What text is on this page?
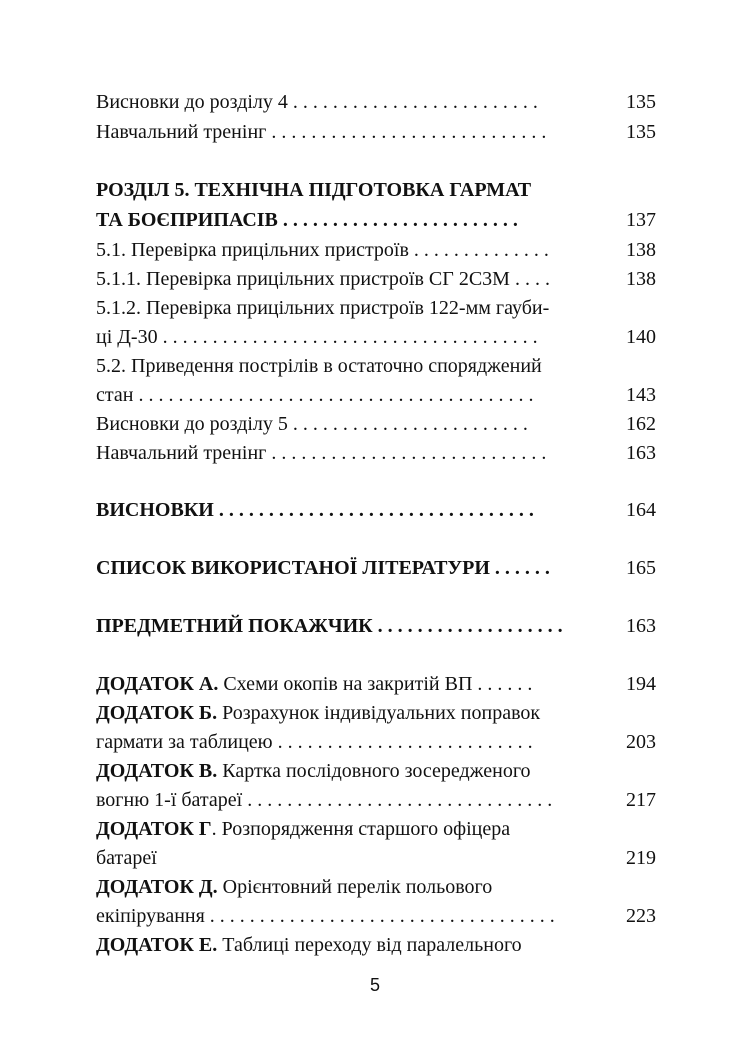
Висновки до розділу 4 . . . . . . . . . . . . . . . . . . . . . . . . .	135
Навчальний тренінг . . . . . . . . . . . . . . . . . . . . . . . . . . . .	135
РОЗДІЛ 5. ТЕХНІЧНА ПІДГОТОВКА ГАРМАТ
ТА БОЄПРИПАСІВ . . . . . . . . . . . . . . . . . . . . . . . .	137
5.1. Перевірка прицільних пристроїв . . . . . . . . . . . . . .	138
5.1.1. Перевірка прицільних пристроїв СГ 2С3М . . . .	138
5.1.2. Перевірка прицільних пристроїв 122-мм гауби-
ці Д-30 . . . . . . . . . . . . . . . . . . . . . . . . . . . . . . . . . . . . . .	140
5.2. Приведення пострілів в остаточно споряджений
стан . . . . . . . . . . . . . . . . . . . . . . . . . . . . . . . . . . . . . . . .	143
Висновки до розділу 5 . . . . . . . . . . . . . . . . . . . . . . . .	162
Навчальний тренінг . . . . . . . . . . . . . . . . . . . . . . . . . . . .	163
ВИСНОВКИ . . . . . . . . . . . . . . . . . . . . . . . . . . . . . . . .	164
СПИСОК ВИКОРИСТАНОЇ ЛІТЕРАТУРИ . . . . . .	165
ПРЕДМЕТНИЙ ПОКАЖЧИК . . . . . . . . . . . . . . . . . . .	163
ДОДАТОК А. Схеми окопів на закритій ВП . . . . . .	194
ДОДАТОК Б. Розрахунок індивідуальних поправок
гармати за таблицею . . . . . . . . . . . . . . . . . . . . . . . . . .	203
ДОДАТОК В. Картка послідовного зосередженого
вогню 1-ї батареї . . . . . . . . . . . . . . . . . . . . . . . . . . . . . . .	217
ДОДАТОК Г. Розпорядження старшого офіцера
батареї	219
ДОДАТОК Д. Орієнтовний перелік польового
екіпірування . . . . . . . . . . . . . . . . . . . . . . . . . . . . . . . . . . .	223
ДОДАТОК Е. Таблиці переходу від паралельного
5
